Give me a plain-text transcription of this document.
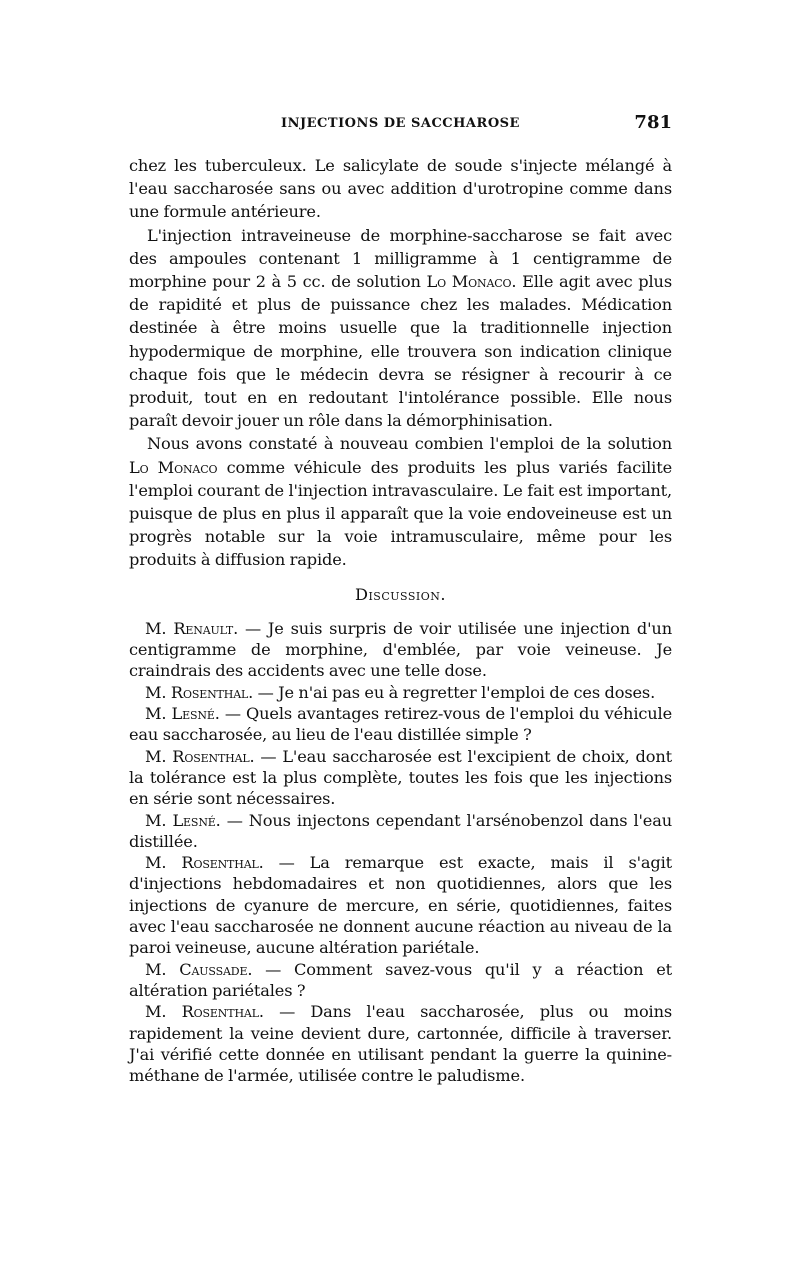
INJECTIONS DE SACCHAROSE	781

chez les tuberculeux. Le salicylate de soude s'injecte mélangé à l'eau saccharosée sans ou avec addition d'urotropine comme dans une formule antérieure.

L'injection intraveineuse de morphine-saccharose se fait avec des ampoules contenant 1 milligramme à 1 centigramme de morphine pour 2 à 5 cc. de solution Lo Monaco. Elle agit avec plus de rapidité et plus de puissance chez les malades. Médication destinée à être moins usuelle que la traditionnelle injection hypodermique de morphine, elle trouvera son indication clinique chaque fois que le médecin devra se résigner à recourir à ce produit, tout en en redoutant l'intolérance possible. Elle nous paraît devoir jouer un rôle dans la démorphinisation.

Nous avons constaté à nouveau combien l'emploi de la solution Lo Monaco comme véhicule des produits les plus variés facilite l'emploi courant de l'injection intravasculaire. Le fait est important, puisque de plus en plus il apparaît que la voie endoveineuse est un progrès notable sur la voie intramusculaire, même pour les produits à diffusion rapide.

Discussion.

M. Renault. — Je suis surpris de voir utilisée une injection d'un centigramme de morphine, d'emblée, par voie veineuse. Je craindrais des accidents avec une telle dose.

M. Rosenthal. — Je n'ai pas eu à regretter l'emploi de ces doses.

M. Lesné. — Quels avantages retirez-vous de l'emploi du véhicule eau saccharosée, au lieu de l'eau distillée simple ?

M. Rosenthal. — L'eau saccharosée est l'excipient de choix, dont la tolérance est la plus complète, toutes les fois que les injections en série sont nécessaires.

M. Lesné. — Nous injectons cependant l'arsénobenzol dans l'eau distillée.

M. Rosenthal. — La remarque est exacte, mais il s'agit d'injections hebdomadaires et non quotidiennes, alors que les injections de cyanure de mercure, en série, quotidiennes, faites avec l'eau saccharosée ne donnent aucune réaction au niveau de la paroi veineuse, aucune altération pariétale.

M. Caussade. — Comment savez-vous qu'il y a réaction et altération pariétales ?

M. Rosenthal. — Dans l'eau saccharosée, plus ou moins rapidement la veine devient dure, cartonnée, difficile à traverser. J'ai vérifié cette donnée en utilisant pendant la guerre la quinine-méthane de l'armée, utilisée contre le paludisme.
